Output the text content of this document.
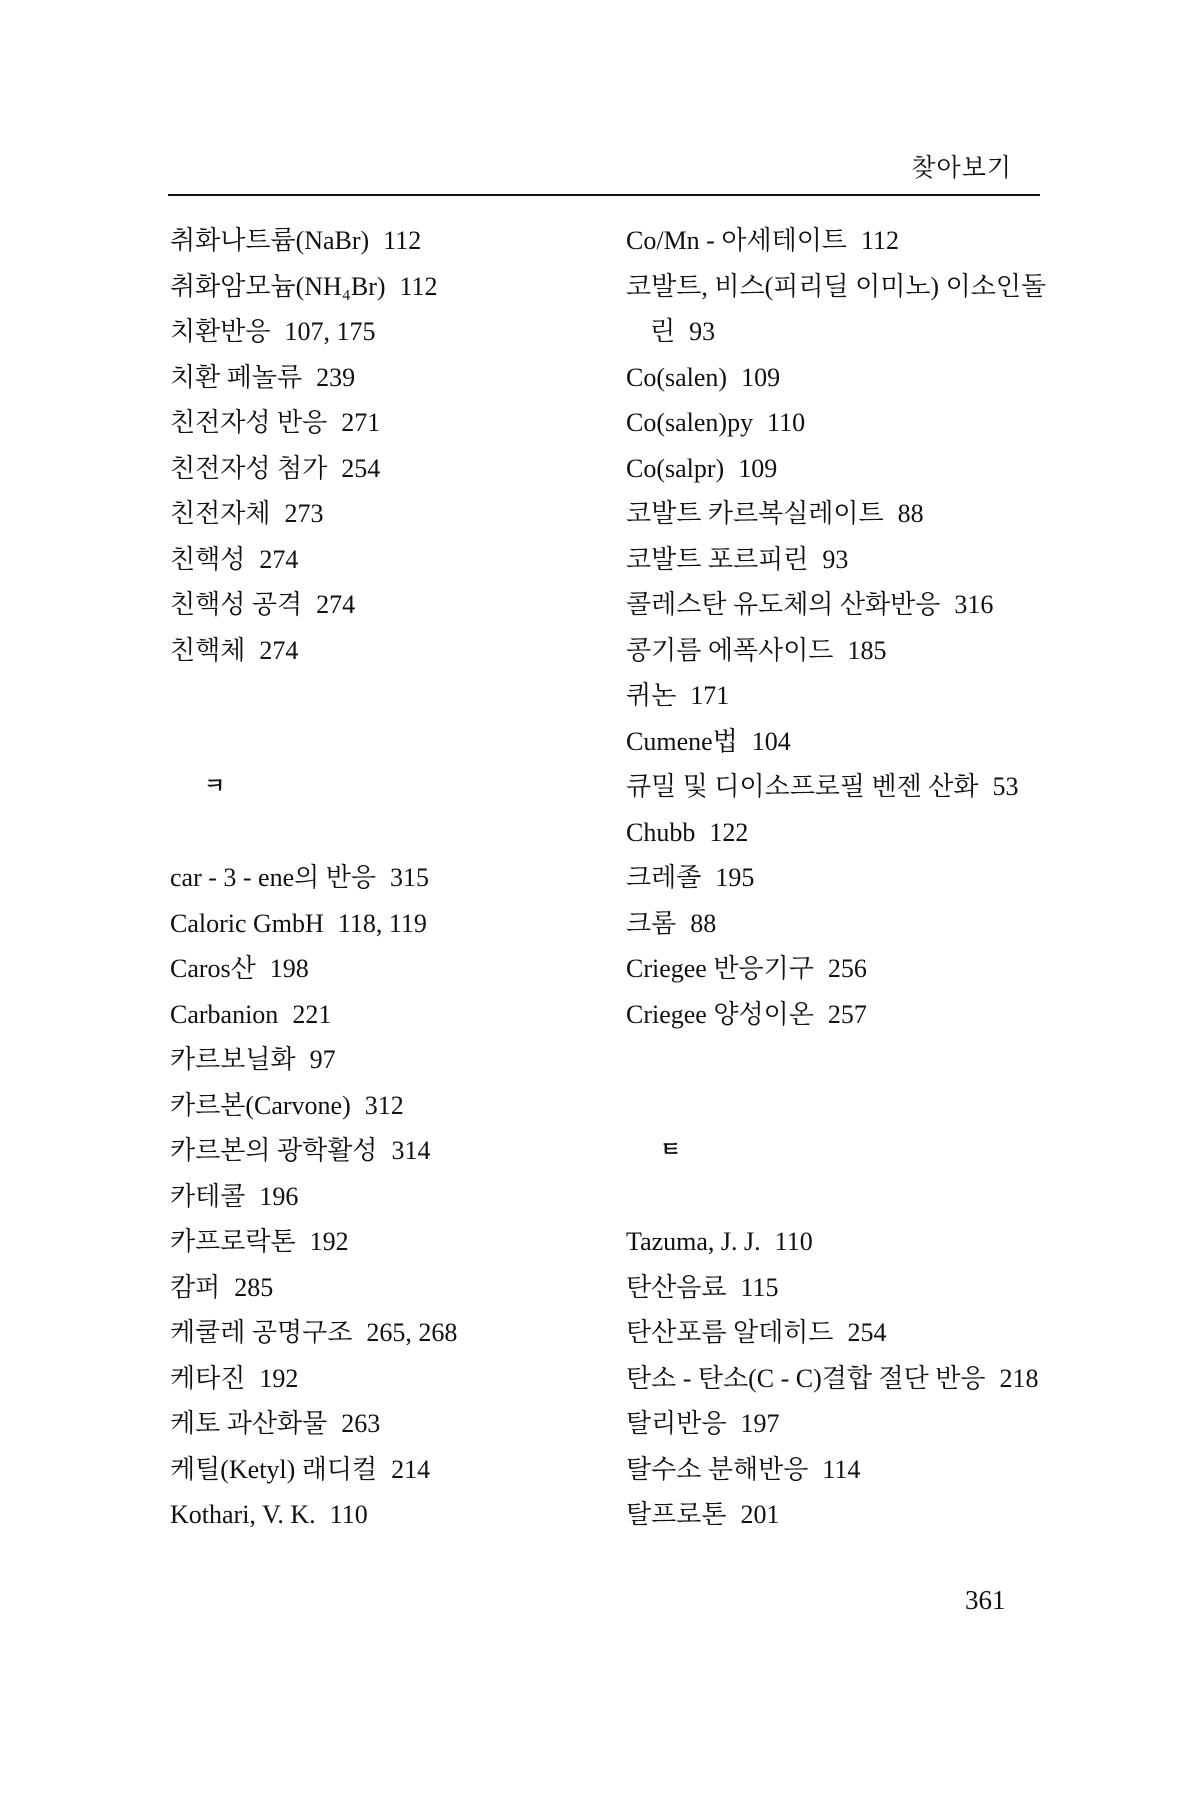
찾아보기
취화나트륨(NaBr) 112
취화암모늄(NH₄Br) 112
치환반응 107, 175
치환 페놀류 239
친전자성 반응 271
친전자성 첨가 254
친전자체 273
친핵성 274
친핵성 공격 274
친핵체 274
ㅋ
car - 3 - ene의 반응 315
Caloric GmbH 118, 119
Caros산 198
Carbanion 221
카르보닐화 97
카르본(Carvone) 312
카르본의 광학활성 314
카테콜 196
카프로락톤 192
캄퍼 285
케쿨레 공명구조 265, 268
케타진 192
케토 과산화물 263
케틸(Ketyl) 래디컬 214
Kothari, V. K. 110
Co/Mn - 아세테이트 112
코발트, 비스(피리딜 이미노) 이소인돌
린 93
Co(salen) 109
Co(salen)py 110
Co(salpr) 109
코발트 카르복실레이트 88
코발트 포르피린 93
콜레스탄 유도체의 산화반응 316
콩기름 에폭사이드 185
퀴논 171
Cumene법 104
큐밀 및 디이소프로필 벤젠 산화 53
Chubb 122
크레졸 195
크롬 88
Criegee 반응기구 256
Criegee 양성이온 257
ㅌ
Tazuma, J. J. 110
탄산음료 115
탄산포름 알데히드 254
탄소 - 탄소(C - C)결합 절단 반응 218
탈리반응 197
탈수소 분해반응 114
탈프로톤 201
361
